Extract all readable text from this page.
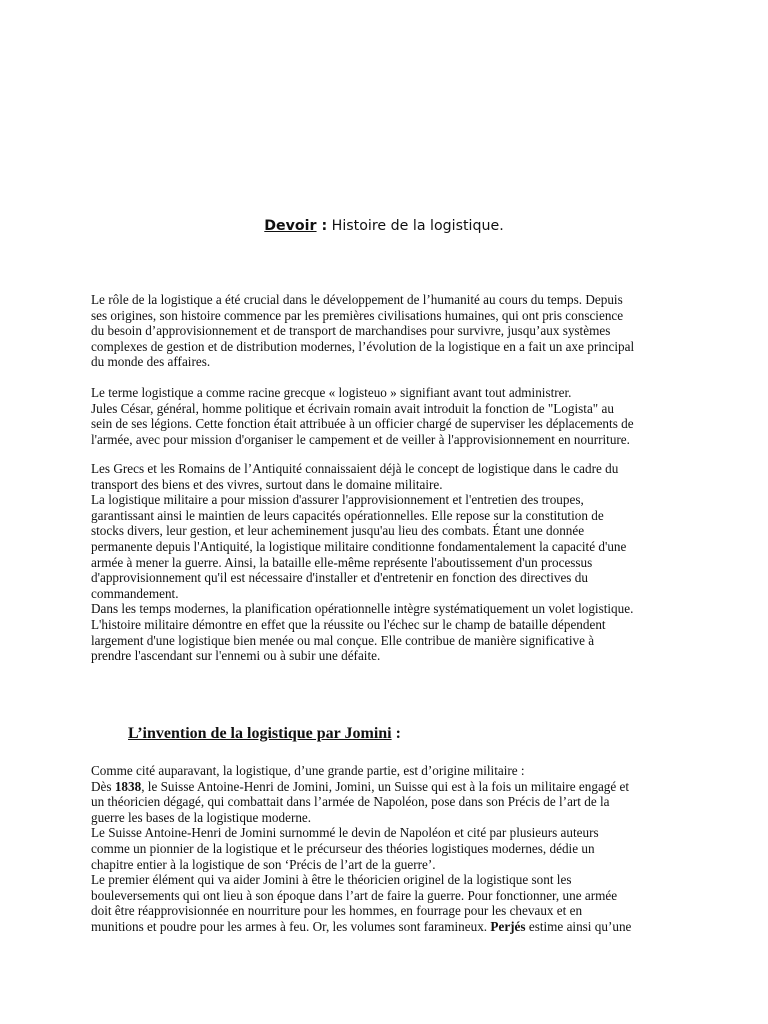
Devoir : Histoire de la logistique.

Le rôle de la logistique a été crucial dans le développement de l’humanité au cours du temps. Depuis
ses origines, son histoire commence par les premières civilisations humaines, qui ont pris conscience
du besoin d’approvisionnement et de transport de marchandises pour survivre, jusqu’aux systèmes
complexes de gestion et de distribution modernes, l’évolution de la logistique en a fait un axe principal
du monde des affaires.

Le terme logistique a comme racine grecque « logisteuo » signifiant avant tout administrer.
Jules César, général, homme politique et écrivain romain avait introduit la fonction de "Logista" au
sein de ses légions. Cette fonction était attribuée à un officier chargé de superviser les déplacements de
l'armée, avec pour mission d'organiser le campement et de veiller à l'approvisionnement en nourriture.

Les Grecs et les Romains de l’Antiquité connaissaient déjà le concept de logistique dans le cadre du
transport des biens et des vivres, surtout dans le domaine militaire.
La logistique militaire a pour mission d'assurer l'approvisionnement et l'entretien des troupes,
garantissant ainsi le maintien de leurs capacités opérationnelles. Elle repose sur la constitution de
stocks divers, leur gestion, et leur acheminement jusqu'au lieu des combats. Étant une donnée
permanente depuis l'Antiquité, la logistique militaire conditionne fondamentalement la capacité d'une
armée à mener la guerre. Ainsi, la bataille elle-même représente l'aboutissement d'un processus
d'approvisionnement qu'il est nécessaire d'installer et d'entretenir en fonction des directives du
commandement.
Dans les temps modernes, la planification opérationnelle intègre systématiquement un volet logistique.
L'histoire militaire démontre en effet que la réussite ou l'échec sur le champ de bataille dépendent
largement d'une logistique bien menée ou mal conçue. Elle contribue de manière significative à
prendre l'ascendant sur l'ennemi ou à subir une défaite.

L’invention de la logistique par Jomini :

Comme cité auparavant, la logistique, d’une grande partie, est d’origine militaire :
Dès 1838, le Suisse Antoine-Henri de Jomini, Jomini, un Suisse qui est à la fois un militaire engagé et
un théoricien dégagé, qui combattait dans l’armée de Napoléon, pose dans son Précis de l’art de la
guerre les bases de la logistique moderne.
Le Suisse Antoine-Henri de Jomini surnommé le devin de Napoléon et cité par plusieurs auteurs
comme un pionnier de la logistique et le précurseur des théories logistiques modernes, dédie un
chapitre entier à la logistique de son ‘Précis de l’art de la guerre’.
Le premier élément qui va aider Jomini à être le théoricien originel de la logistique sont les
bouleversements qui ont lieu à son époque dans l’art de faire la guerre. Pour fonctionner, une armée
doit être réapprovisionnée en nourriture pour les hommes, en fourrage pour les chevaux et en
munitions et poudre pour les armes à feu. Or, les volumes sont faramineux. Perjés estime ainsi qu’une
